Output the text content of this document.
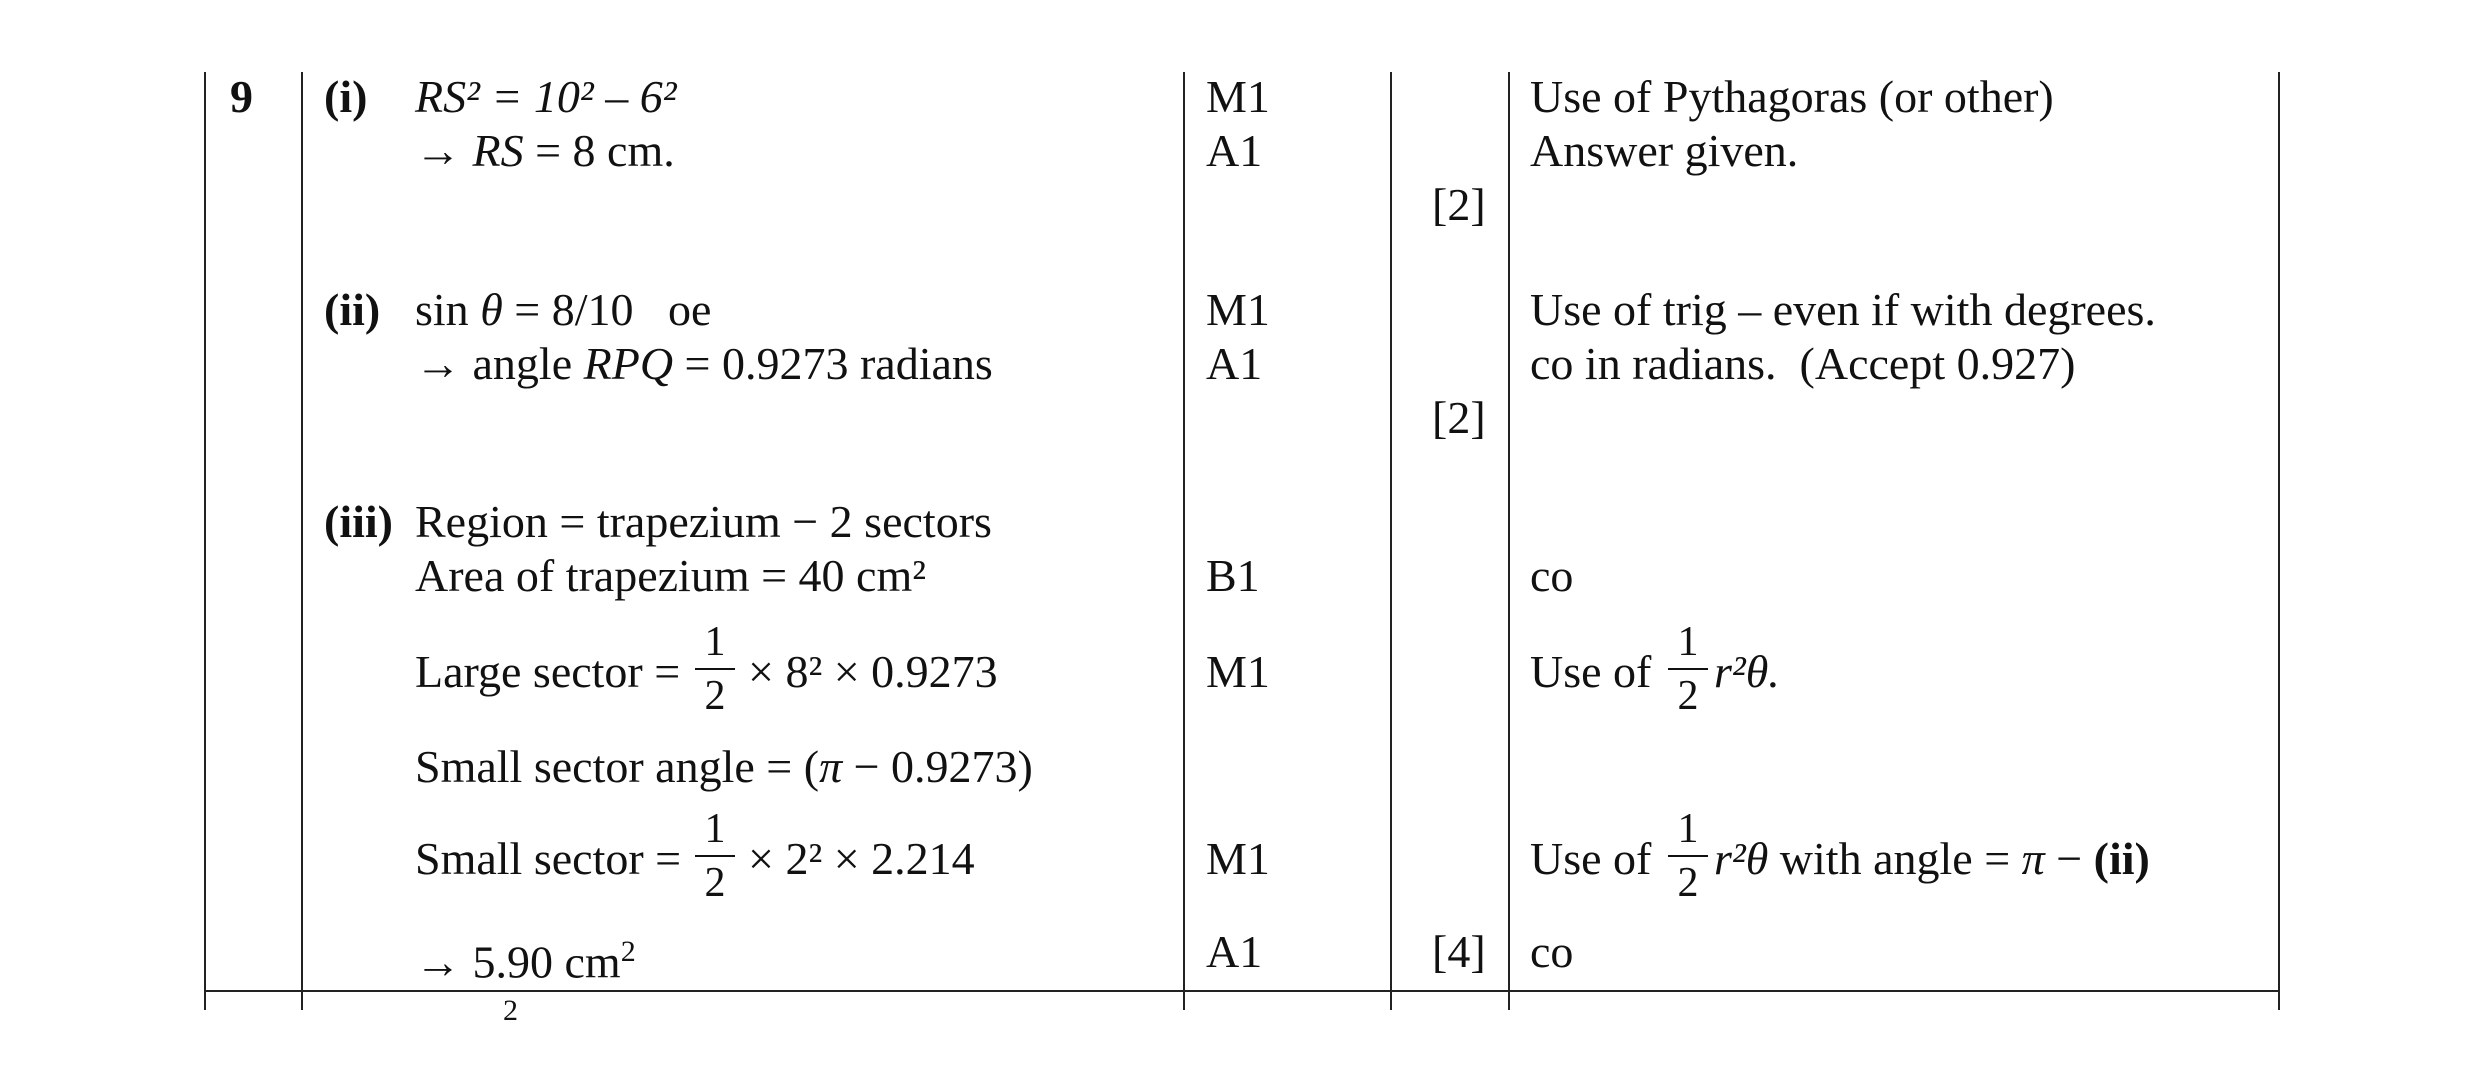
2
9 (i) RS² = 10² – 6²
→ RS = 8 cm.
M1
A1
[2]
Use of Pythagoras (or other)
Answer given.
(ii) sin θ = 8/10   oe
→ angle RPQ = 0.9273 radians
M1
A1
[2]
Use of trig – even if with degrees.
co in radians.  (Accept 0.927)
(iii) Region = trapezium − 2 sectors
Area of trapezium = 40 cm²
Large sector =
1
2 × 8² × 0.9273
Small sector angle = (π − 0.9273)
Small sector =
1
2 × 2² × 2.214
→ 5.90 $cm^2$
B1
M1
M1
A1	[4]
co
Use of
1
2 r²θ.
Use of
1
2 r²θ with angle = π − (ii)
co
